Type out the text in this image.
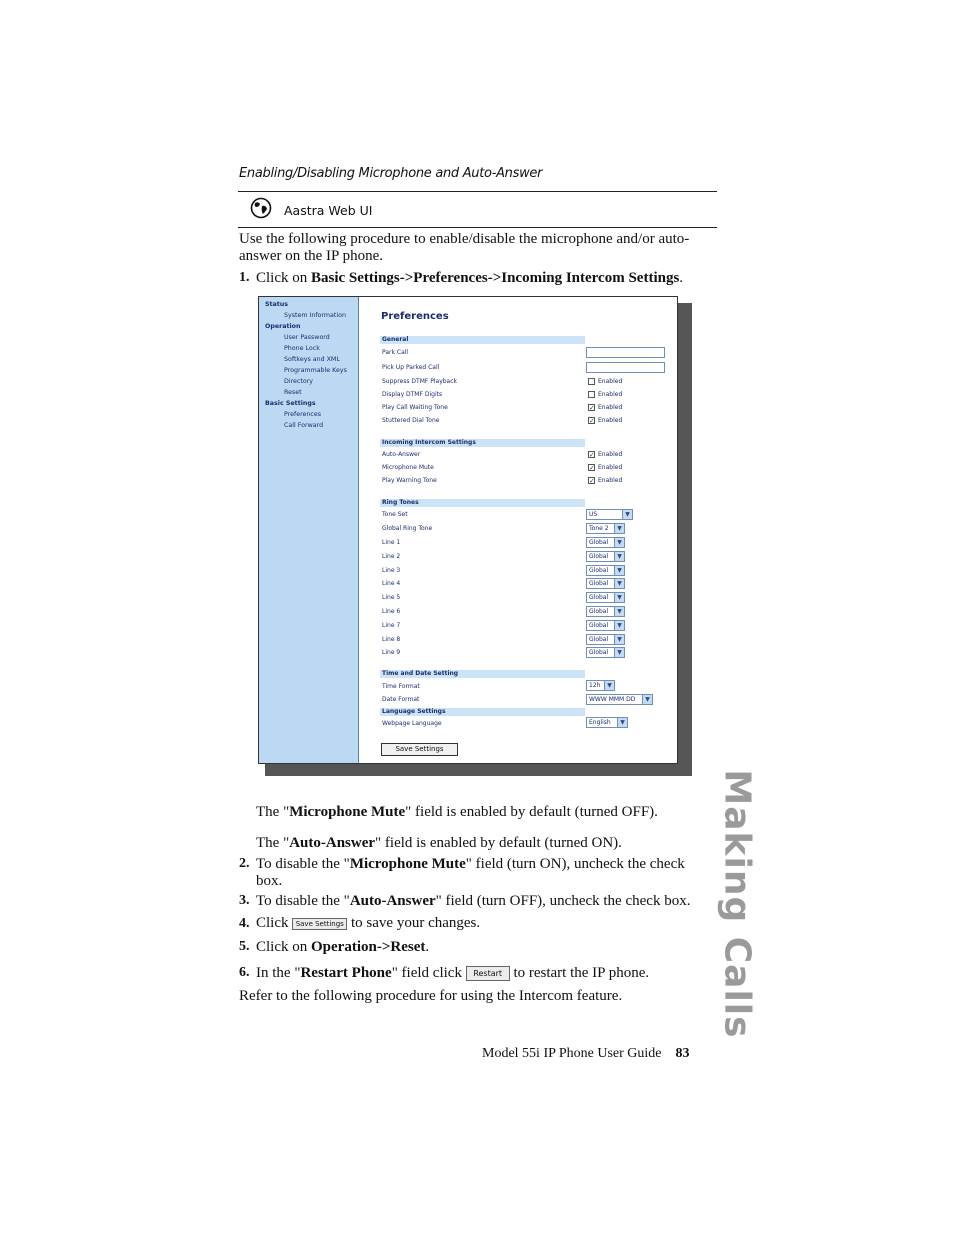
Enabling/Disabling Microphone and Auto-Answer
Aastra Web UI
Use the following procedure to enable/disable the microphone and/or auto-answer on the IP phone.
1. Click on Basic Settings->Preferences->Incoming Intercom Settings.
Status
System Information
Operation
User Password
Phone Lock
Softkeys and XML
Programmable Keys
Directory
Reset
Basic Settings
Preferences
Call Forward
Preferences
General
Park Call
Pick Up Parked Call
Suppress DTMF Playback	Enabled
Display DTMF Digits	Enabled
Play Call Waiting Tone	✓ Enabled
Stuttered Dial Tone	✓ Enabled
Incoming Intercom Settings
Auto-Answer	✓ Enabled
Microphone Mute	✓ Enabled
Play Warning Tone	✓ Enabled
Ring Tones
Tone Set	US	▼
Global Ring Tone	Tone 2	▼
Line 1	Global	▼
Line 2	Global	▼
Line 3	Global	▼
Line 4	Global	▼
Line 5	Global	▼
Line 6	Global	▼
Line 7	Global	▼
Line 8	Global	▼
Line 9	Global	▼
Time and Date Setting
Time Format	12h	▼
Date Format	WWW MMM DD	▼
Language Settings
Webpage Language	English	▼
Save Settings
The "Microphone Mute" field is enabled by default (turned OFF).
The "Auto-Answer" field is enabled by default (turned ON).
2. To disable the "Microphone Mute" field (turn ON), uncheck the check box.
3. To disable the "Auto-Answer" field (turn OFF), uncheck the check box.
4. Click Save Settings to save your changes.
5. Click on Operation->Reset.
6. In the "Restart Phone" field click Restart to restart the IP phone.
Refer to the following procedure for using the Intercom feature.	Making Calls
Model 55i IP Phone User Guide 83
